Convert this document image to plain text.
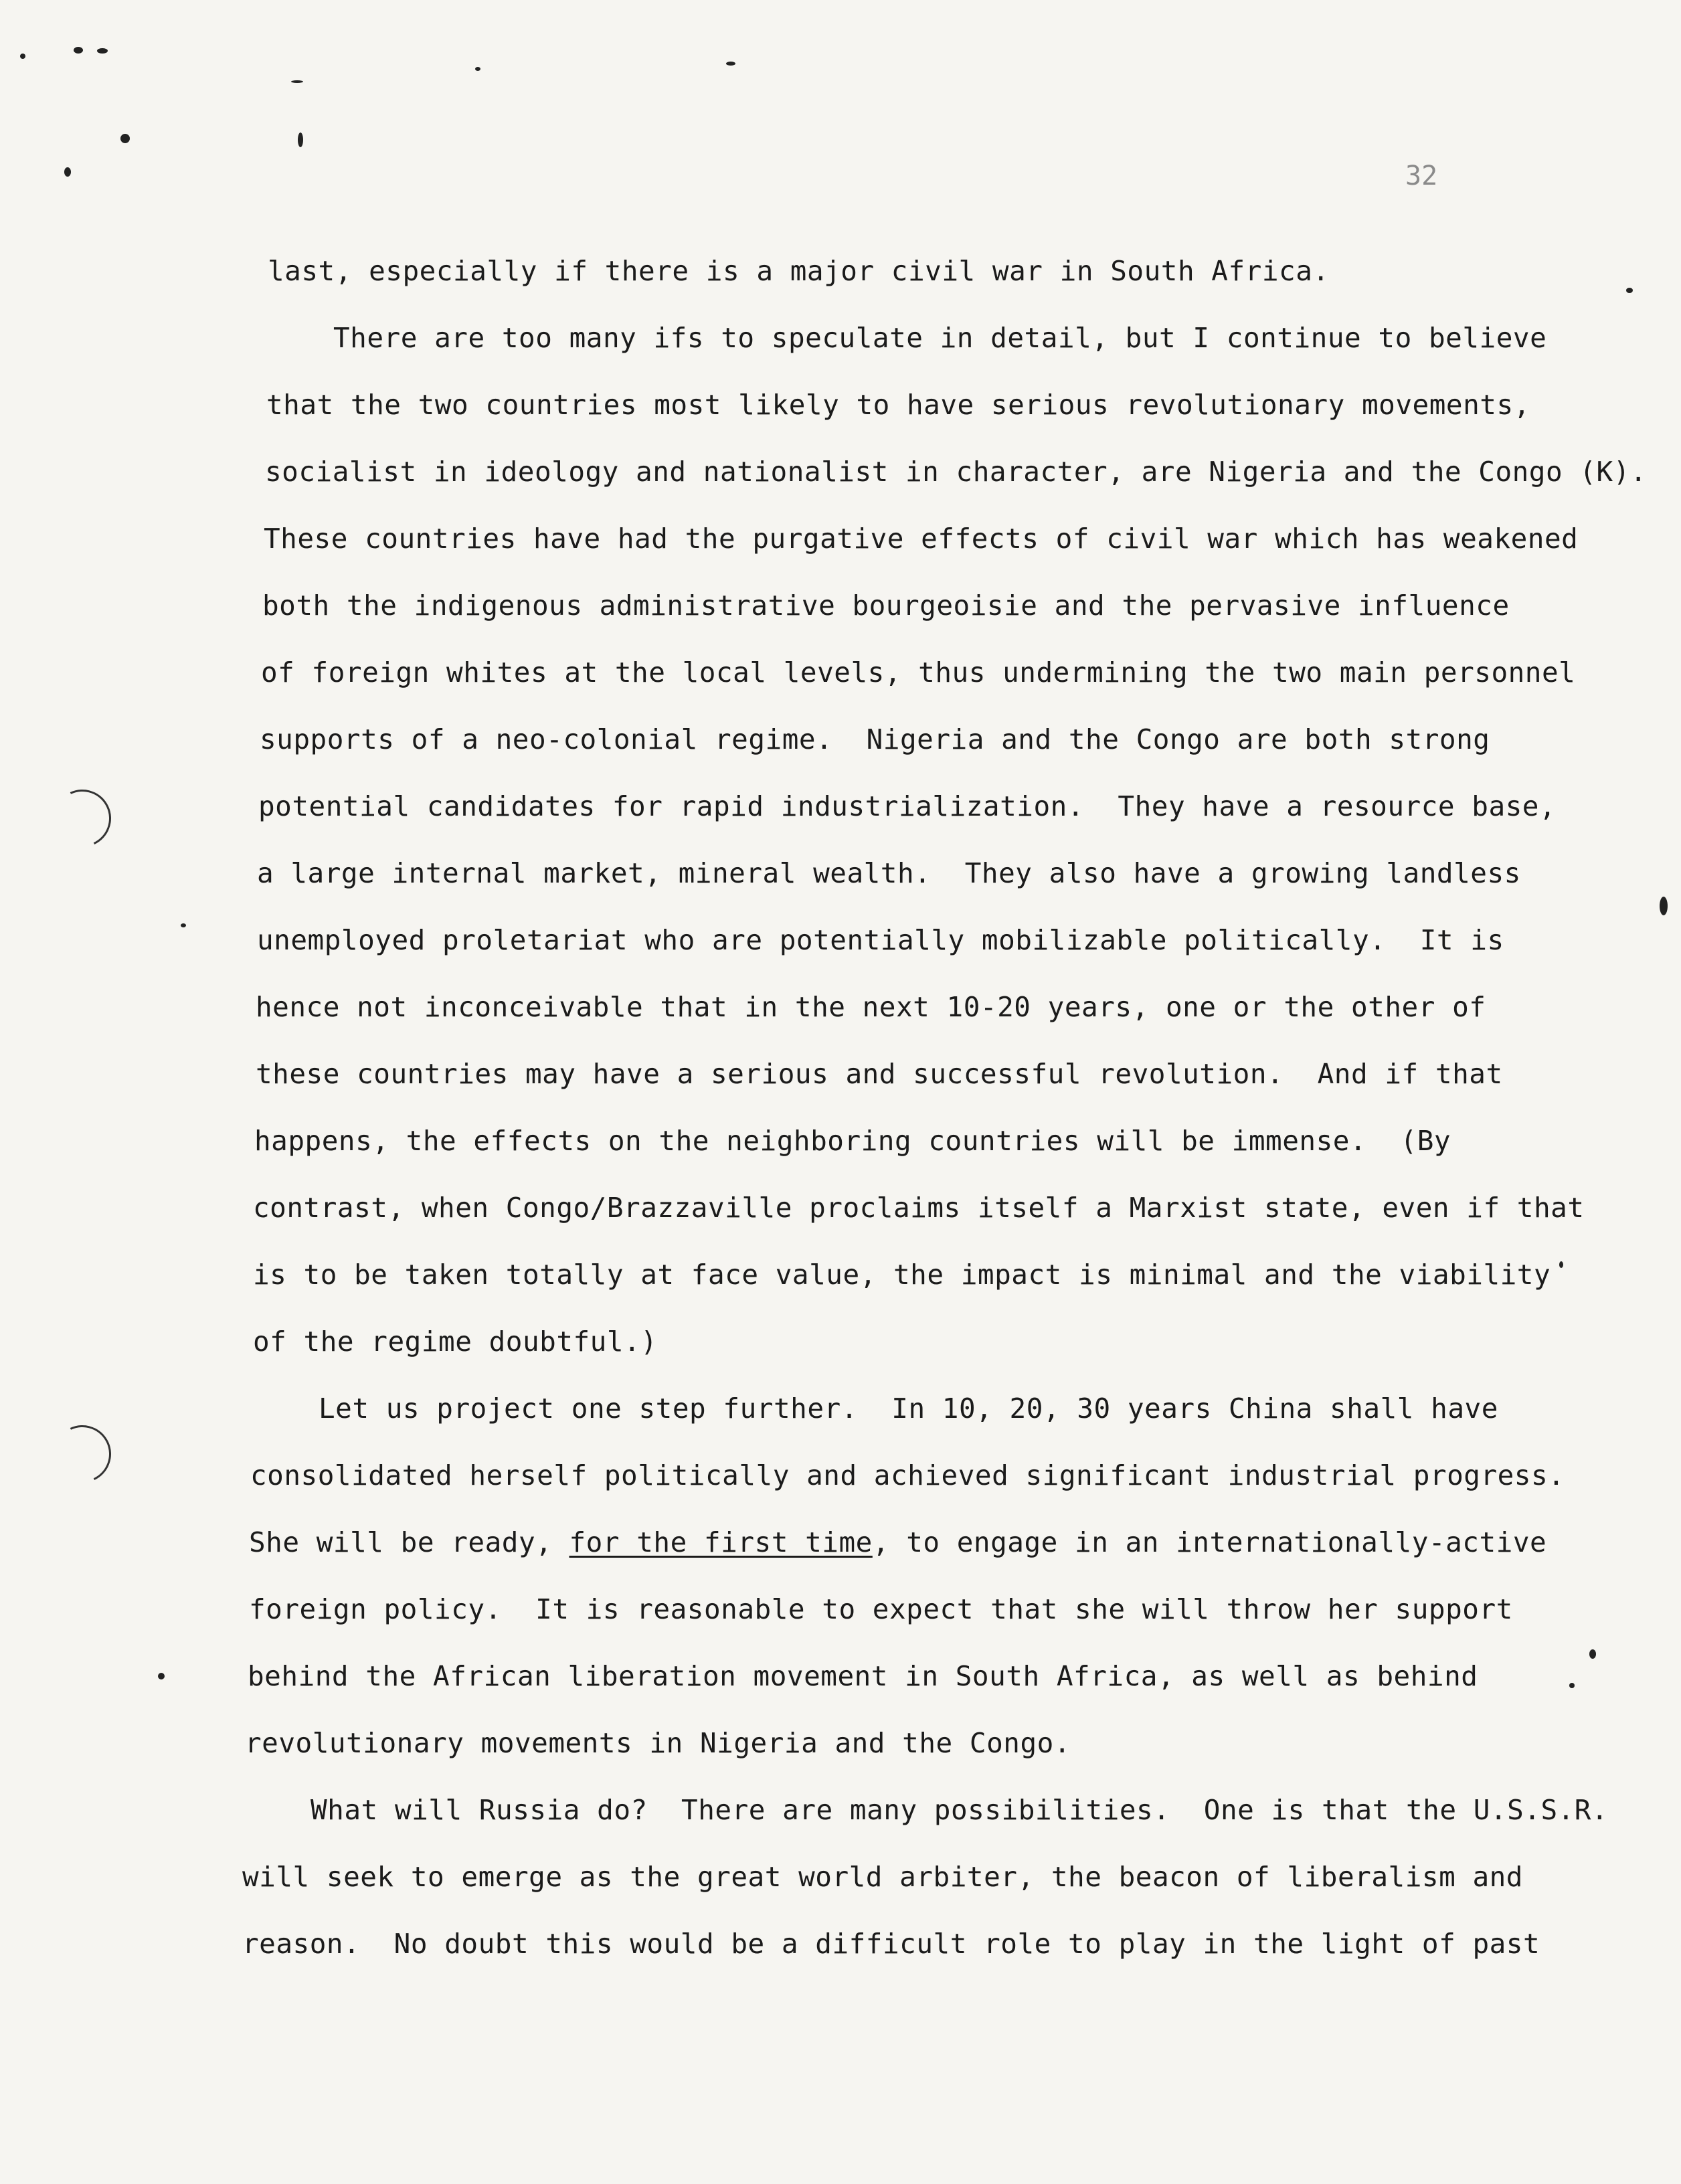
32
last, especially if there is a major civil war in South Africa.
There are too many ifs to speculate in detail, but I continue to believe
that the two countries most likely to have serious revolutionary movements,
socialist in ideology and nationalist in character, are Nigeria and the Congo (K).
These countries have had the purgative effects of civil war which has weakened
both the indigenous administrative bourgeoisie and the pervasive influence
of foreign whites at the local levels, thus undermining the two main personnel
supports of a neo-colonial regime.  Nigeria and the Congo are both strong
potential candidates for rapid industrialization.  They have a resource base,
a large internal market, mineral wealth.  They also have a growing landless
unemployed proletariat who are potentially mobilizable politically.  It is
hence not inconceivable that in the next 10-20 years, one or the other of
these countries may have a serious and successful revolution.  And if that
happens, the effects on the neighboring countries will be immense.  (By
contrast, when Congo/Brazzaville proclaims itself a Marxist state, even if that
is to be taken totally at face value, the impact is minimal and the viability
of the regime doubtful.)
Let us project one step further.  In 10, 20, 30 years China shall have
consolidated herself politically and achieved significant industrial progress.
She will be ready, for the first time, to engage in an internationally-active
foreign policy.  It is reasonable to expect that she will throw her support
behind the African liberation movement in South Africa, as well as behind
revolutionary movements in Nigeria and the Congo.
What will Russia do?  There are many possibilities.  One is that the U.S.S.R.
will seek to emerge as the great world arbiter, the beacon of liberalism and
reason.  No doubt this would be a difficult role to play in the light of past
